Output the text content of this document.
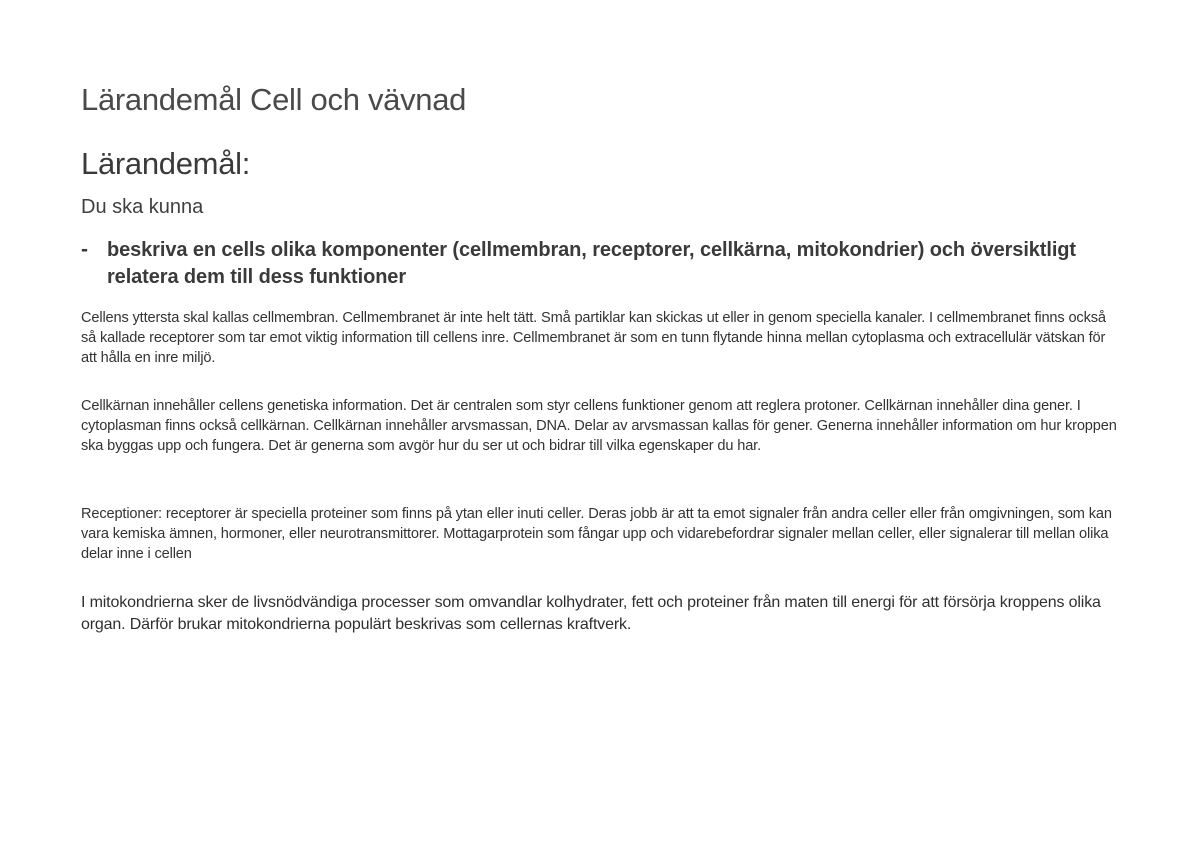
Lärandemål Cell och vävnad
Lärandemål:
Du ska kunna
- beskriva en cells olika komponenter (cellmembran, receptorer, cellkärna, mitokondrier) och översiktligt relatera dem till dess funktioner

Cellens yttersta skal kallas cellmembran. Cellmembranet är inte helt tätt. Små partiklar kan skickas ut eller in genom speciella kanaler. I cellmembranet finns också så kallade receptorer som tar emot viktig information till cellens inre. Cellmembranet är som en tunn flytande hinna mellan cytoplasma och extracellulär vätskan för att hålla en inre miljö.

Cellkärnan innehåller cellens genetiska information. Det är centralen som styr cellens funktioner genom att reglera protoner. Cellkärnan innehåller dina gener. I cytoplasman finns också cellkärnan. Cellkärnan innehåller arvsmassan, DNA. Delar av arvsmassan kallas för gener. Generna innehåller information om hur kroppen ska byggas upp och fungera. Det är generna som avgör hur du ser ut och bidrar till vilka egenskaper du har.

Receptioner: receptorer är speciella proteiner som finns på ytan eller inuti celler. Deras jobb är att ta emot signaler från andra celler eller från omgivningen, som kan vara kemiska ämnen, hormoner, eller neurotransmittorer. Mottagarprotein som fångar upp och vidarebefordrar signaler mellan celler, eller signalerar till mellan olika delar inne i cellen

I mitokondrierna sker de livsnödvändiga processer som omvandlar kolhydrater, fett och proteiner från maten till energi för att försörja kroppens olika organ. Därför brukar mitokondrierna populärt beskrivas som cellernas kraftverk.
